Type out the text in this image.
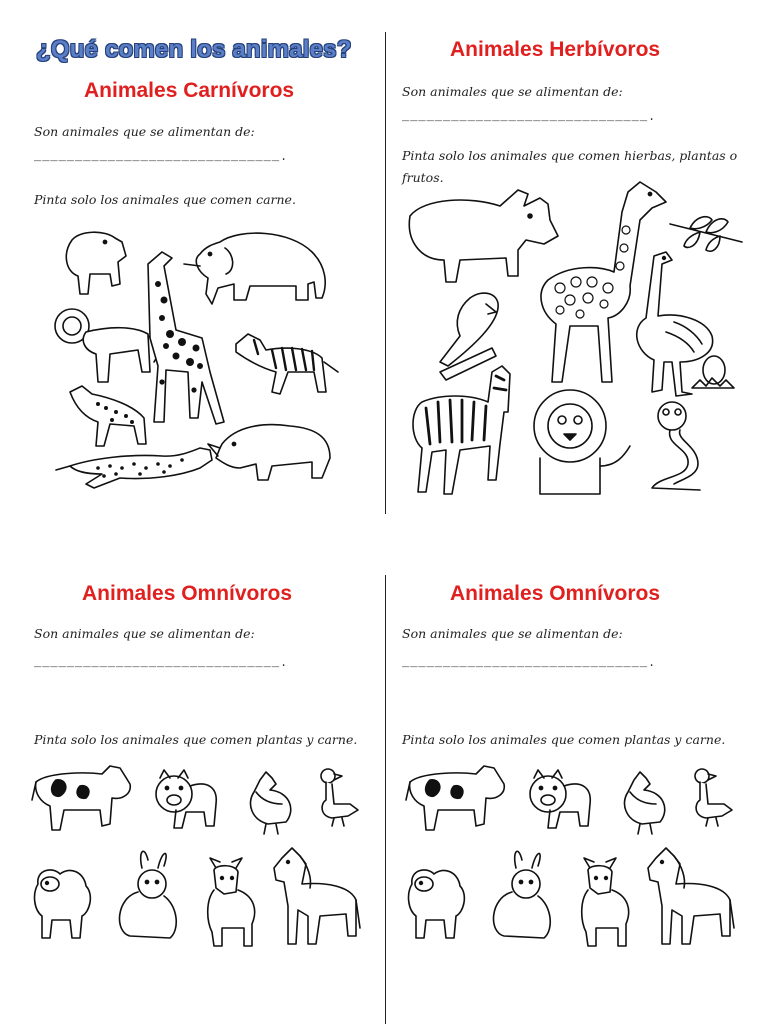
¿Qué comen los animales?
Animales Carnívoros

Son animales que se alimentan de:

______________________________.

Pinta solo los animales que comen carne.

Animales Herbívoros

Son animales que se alimentan de:

______________________________.

Pinta solo los animales que comen hierbas, plantas o frutos.

Animales Omnívoros

Son animales que se alimentan de:

______________________________.

Pinta solo los animales que comen plantas y carne.

Animales Omnívoros

Son animales que se alimentan de:

______________________________.

Pinta solo los animales que comen plantas y carne.
